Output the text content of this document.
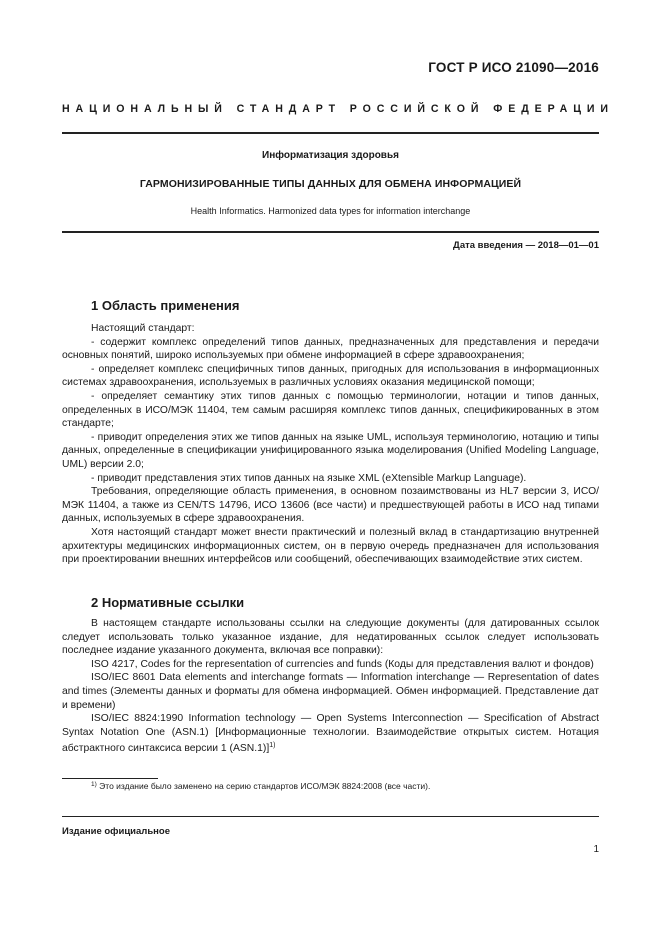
ГОСТ Р ИСО 21090—2016
НАЦИОНАЛЬНЫЙ СТАНДАРТ РОССИЙСКОЙ ФЕДЕРАЦИИ
Информатизация здоровья
ГАРМОНИЗИРОВАННЫЕ ТИПЫ ДАННЫХ ДЛЯ ОБМЕНА ИНФОРМАЦИЕЙ
Health Informatics. Harmonized data types for information interchange
Дата введения — 2018—01—01
1 Область применения

Настоящий стандарт:

- содержит комплекс определений типов данных, предназначенных для представления и передачи основных понятий, широко используемых при обмене информацией в сфере здравоохранения;

- определяет комплекс специфичных типов данных, пригодных для использования в информационных системах здравоохранения, используемых в различных условиях оказания медицинской помощи;

- определяет семантику этих типов данных с помощью терминологии, нотации и типов данных, определенных в ИСО/МЭК 11404, тем самым расширяя комплекс типов данных, спецификированных в этом стандарте;

- приводит определения этих же типов данных на языке UML, используя терминологию, нотацию и типы данных, определенные в спецификации унифицированного языка моделирования (Unified Modeling Language, UML) версии 2.0;

- приводит представления этих типов данных на языке XML (eXtensible Markup Language).

Требования, определяющие область применения, в основном позаимствованы из HL7 версии 3, ИСО/МЭК 11404, а также из CEN/TS 14796, ИСО 13606 (все части) и предшествующей работы в ИСО над типами данных, используемых в сфере здравоохранения.

Хотя настоящий стандарт может внести практический и полезный вклад в стандартизацию внутренней архитектуры медицинских информационных систем, он в первую очередь предназначен для использования при проектировании внешних интерфейсов или сообщений, обеспечивающих взаимодействие этих систем.

2 Нормативные ссылки

В настоящем стандарте использованы ссылки на следующие документы (для датированных ссылок следует использовать только указанное издание, для недатированных ссылок следует использовать последнее издание указанного документа, включая все поправки):

ISO 4217, Codes for the representation of currencies and funds (Коды для представления валют и фондов)

ISO/IEC 8601 Data elements and interchange formats — Information interchange — Representation of dates and times (Элементы данных и форматы для обмена информацией. Обмен информацией. Представление дат и времени)

ISO/IEC 8824:1990 Information technology — Open Systems Interconnection — Specification of Abstract Syntax Notation One (ASN.1) [Информационные технологии. Взаимодействие открытых систем. Нотация абстрактного синтаксиса версии 1 (ASN.1)]$^{1)}$

$^{1)}$ Это издание было заменено на серию стандартов ИСО/МЭК 8824:2008 (все части).
Издание официальное
1
